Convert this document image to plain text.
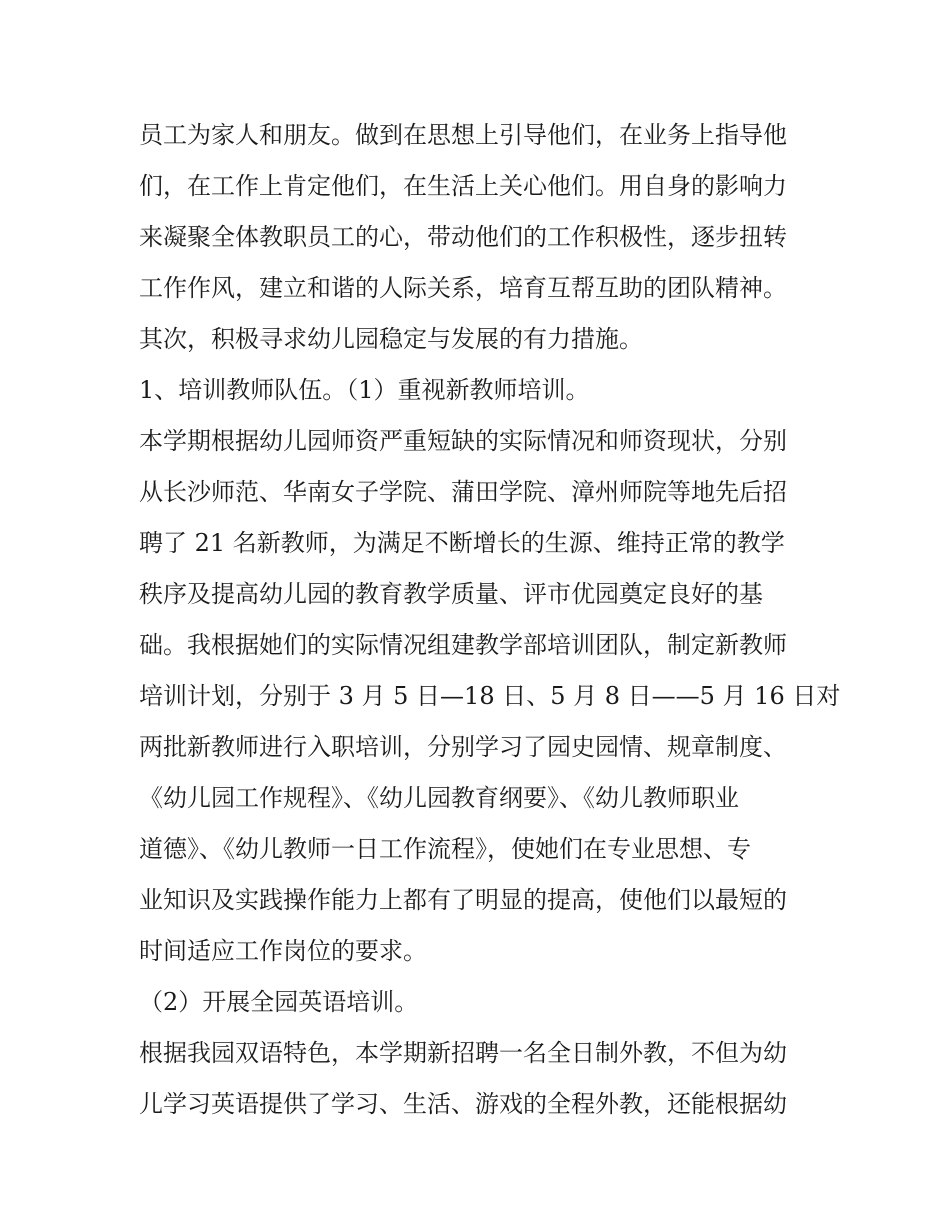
员工为家人和朋友。做到在思想上引导他们，在业务上指导他
们，在工作上肯定他们，在生活上关心他们。用自身的影响力
来凝聚全体教职员工的心，带动他们的工作积极性，逐步扭转
工作作风，建立和谐的人际关系，培育互帮互助的团队精神。
其次，积极寻求幼儿园稳定与发展的有力措施。
1、培训教师队伍。（1）重视新教师培训。
本学期根据幼儿园师资严重短缺的实际情况和师资现状，分别
从长沙师范、华南女子学院、蒲田学院、漳州师院等地先后招
聘了 21 名新教师，为满足不断增长的生源、维持正常的教学
秩序及提高幼儿园的教育教学质量、评市优园奠定良好的基
础。我根据她们的实际情况组建教学部培训团队，制定新教师
培训计划，分别于 3 月 5 日—18 日、5 月 8 日——5 月 16 日对
两批新教师进行入职培训，分别学习了园史园情、规章制度、
《幼儿园工作规程》、《幼儿园教育纲要》、《幼儿教师职业
道德》、《幼儿教师一日工作流程》，使她们在专业思想、专
业知识及实践操作能力上都有了明显的提高，使他们以最短的
时间适应工作岗位的要求。
（2）开展全园英语培训。
根据我园双语特色，本学期新招聘一名全日制外教，不但为幼
儿学习英语提供了学习、生活、游戏的全程外教，还能根据幼
